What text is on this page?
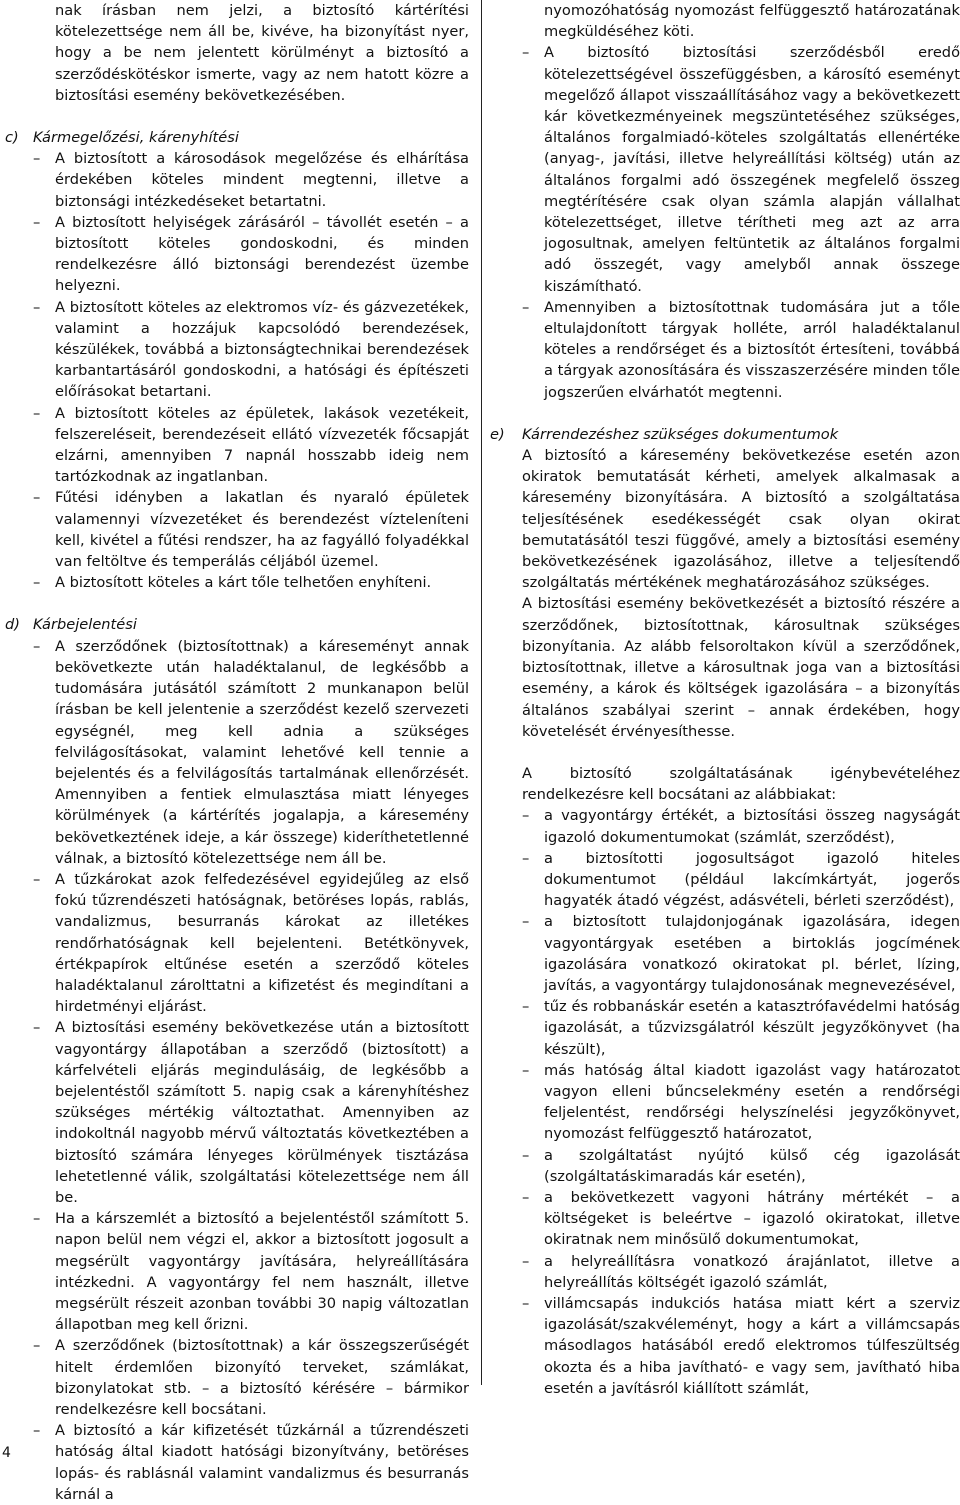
nak írásban nem jelzi, a biztosító kártérítési kötelezettsége nem áll be, kivéve, ha bizonyítást nyer, hogy a be nem jelentett körülményt a biztosító a szerződéskötéskor ismerte, vagy az nem hatott közre a biztosítási esemény bekövetkezésében.

c) Kármegelőzési, kárenyhítési

– A biztosított a károsodások megelőzése és elhárítása érdekében köteles mindent megtenni, illetve a biztonsági intézkedéseket betartatni.

– A biztosított helyiségek zárásáról – távollét esetén – a biztosított köteles gondoskodni, és minden rendelkezésre álló biztonsági berendezést üzembe helyezni.

– A biztosított köteles az elektromos víz- és gázvezetékek, valamint a hozzájuk kapcsolódó berendezések, készülékek, továbbá a biztonságtechnikai berendezések karbantartásáról gondoskodni, a hatósági és építészeti előírásokat betartani.

– A biztosított köteles az épületek, lakások vezetékeit, felszereléseit, berendezéseit ellátó vízvezeték főcsapját elzárni, amennyiben 7 napnál hosszabb ideig nem tartózkodnak az ingatlanban.

– Fűtési idényben a lakatlan és nyaraló épületek valamennyi vízvezetéket és berendezést vízteleníteni kell, kivétel a fűtési rendszer, ha az fagyálló folyadékkal van feltöltve és temperálás céljából üzemel.

– A biztosított köteles a kárt tőle telhetően enyhíteni.

d) Kárbejelentési

– A szerződőnek (biztosítottnak) a káreseményt annak bekövetkezte után haladéktalanul, de legkésőbb a tudomására jutásától számított 2 munkanapon belül írásban be kell jelentenie a szerződést kezelő szervezeti egységnél, meg kell adnia a szükséges felvilágosításokat, valamint lehetővé kell tennie a bejelentés és a felvilágosítás tartalmának ellenőrzését. Amennyiben a fentiek elmulasztása miatt lényeges körülmények (a kártérítés jogalapja, a káresemény bekövetkeztének ideje, a kár összege) kideríthetetlenné válnak, a biztosító kötelezettsége nem áll be.

– A tűzkárokat azok felfedezésével egyidejűleg az első fokú tűzrendészeti hatóságnak, betöréses lopás, rablás, vandalizmus, besurranás károkat az illetékes rendőrhatóságnak kell bejelenteni. Betétkönyvek, értékpapírok eltűnése esetén a szerződő köteles haladéktalanul zárolttatni a kifizetést és megindítani a hirdetményi eljárást.

– A biztosítási esemény bekövetkezése után a biztosított vagyontárgy állapotában a szerződő (biztosított) a kárfelvételi eljárás megindulásáig, de legkésőbb a bejelentéstől számított 5. napig csak a kárenyhítéshez szükséges mértékig változtathat. Amennyiben az indokoltnál nagyobb mérvű változtatás következtében a biztosító számára lényeges körülmények tisztázása lehetetlenné válik, szolgáltatási kötelezettsége nem áll be.

– Ha a kárszemlét a biztosító a bejelentéstől számított 5. napon belül nem végzi el, akkor a biztosított jogosult a megsérült vagyontárgy javítására, helyreállítására intézkedni. A vagyontárgy fel nem használt, illetve megsérült részeit azonban további 30 napig változatlan állapotban meg kell őrizni.

– A szerződőnek (biztosítottnak) a kár összegszerűségét hitelt érdemlően bizonyító terveket, számlákat, bizonylatokat stb. – a biztosító kérésére – bármikor rendelkezésre kell bocsátani.

– A biztosító a kár kifizetését tűzkárnál a tűzrendészeti hatóság által kiadott hatósági bizonyítvány, betöréses lopás- és rablásnál valamint vandalizmus és besurranás kárnál a

nyomozóhatóság nyomozást felfüggesztő határozatának megküldéséhez köti.

– A biztosító biztosítási szerződésből eredő kötelezettségével összefüggésben, a károsító eseményt megelőző állapot visszaállításához vagy a bekövetkezett kár következményeinek megszüntetéséhez szükséges, általános forgalmiadó-köteles szolgáltatás ellenértéke (anyag-, javítási, illetve helyreállítási költség) után az általános forgalmi adó összegének megfelelő összeg megtérítésére csak olyan számla alapján vállalhat kötelezettséget, illetve térítheti meg azt az arra jogosultnak, amelyen feltüntetik az általános forgalmi adó összegét, vagy amelyből annak összege kiszámítható.

– Amennyiben a biztosítottnak tudomására jut a tőle eltulajdonított tárgyak holléte, arról haladéktalanul köteles a rendőrséget és a biztosítót értesíteni, továbbá a tárgyak azonosítására és visszaszerzésére minden tőle jogszerűen elvárhatót megtenni.

e) Kárrendezéshez szükséges dokumentumok

A biztosító a káresemény bekövetkezése esetén azon okiratok bemutatását kérheti, amelyek alkalmasak a káresemény bizonyítására. A biztosító a szolgáltatása teljesítésének esedékességét csak olyan okirat bemutatásától teszi függővé, amely a biztosítási esemény bekövetkezésének igazolásához, illetve a teljesítendő szolgáltatás mértékének meghatározásához szükséges.

A biztosítási esemény bekövetkezését a biztosító részére a szerződőnek, biztosítottnak, károsultnak szükséges bizonyítania. Az alább felsoroltakon kívül a szerződőnek, biztosítottnak, illetve a károsultnak joga van a biztosítási esemény, a károk és költségek igazolására – a bizonyítás általános szabályai szerint – annak érdekében, hogy követelését érvényesíthesse.

A biztosító szolgáltatásának igénybevételéhez rendelkezésre kell bocsátani az alábbiakat:

– a vagyontárgy értékét, a biztosítási összeg nagyságát igazoló dokumentumokat (számlát, szerződést),

– a biztosítotti jogosultságot igazoló hiteles dokumentumot (például lakcímkártyát, jogerős hagyaték átadó végzést, adásvételi, bérleti szerződést),

– a biztosított tulajdonjogának igazolására, idegen vagyontárgyak esetében a birtoklás jogcímének igazolására vonatkozó okiratokat pl. bérlet, lízing, javítás, a vagyontárgy tulajdonosának megnevezésével,

– tűz és robbanáskár esetén a katasztrófavédelmi hatóság igazolását, a tűzvizsgálatról készült jegyzőkönyvet (ha készült),

– más hatóság által kiadott igazolást vagy határozatot vagyon elleni bűncselekmény esetén a rendőrségi feljelentést, rendőrségi helyszínelési jegyzőkönyvet, nyomozást felfüggesztő határozatot,

– a szolgáltatást nyújtó külső cég igazolását (szolgáltatáskimaradás kár esetén),

– a bekövetkezett vagyoni hátrány mértékét – a költségeket is beleértve – igazoló okiratokat, illetve okiratnak nem minősülő dokumentumokat,

– a helyreállításra vonatkozó árajánlatot, illetve a helyreállítás költségét igazoló számlát,

– villámcsapás indukciós hatása miatt kért a szerviz igazolását/szakvéleményt, hogy a kárt a villámcsapás másodlagos hatásából eredő elektromos túlfeszültség okozta és a hiba javítható- e vagy sem, javítható hiba esetén a javításról kiállított számlát,

4
